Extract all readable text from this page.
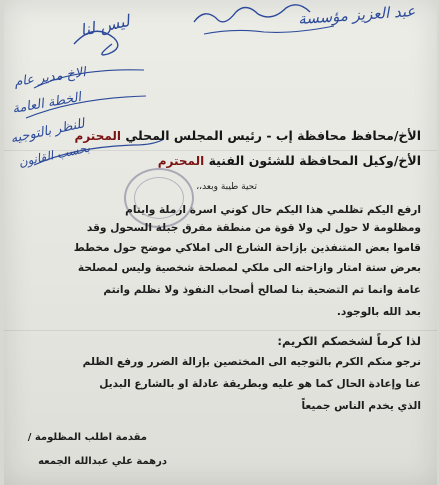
عبد العزيز مؤسسة
ليس لنا
الاخ مدير عام
الخطة العامة
للنظر بالتوجيه
بحسب القانون
الأخ/محافظ محافظة إب - رئيس المجلس المحلي المحترم
الأخ/وكيل المحافظة للشئون الفنية المحترم
تحية طيبة وبعد،،
ارفع اليكم تظلمي هذا اليكم حال كوني اسرة ارملة وايتام
ومظلومة لا حول لي ولا قوة من منطقة مفرق جبلة السحول وقد
قاموا بعض المتنفذين بإزاحة الشارع الى املاكي موضح حول مخطط
بعرض ستة امتار وازاحته الى ملكي لمصلحة شخصية وليس لمصلحة
عامة وانما تم التضحية بنا لصالح أصحاب النفوذ ولا نظلم وانتم
بعد الله بالوجود.
لذا كرماً لشخصكم الكريم:
نرجو منكم الكرم بالتوجيه الى المختصين بإزالة الضرر ورفع الظلم
عنا وإعادة الحال كما هو عليه وبطريقة عادلة او بالشارع البديل
الذي يخدم الناس جميعاً
مقدمة اطلب المظلومة /
درهمة علي عبدالله الجمعه
